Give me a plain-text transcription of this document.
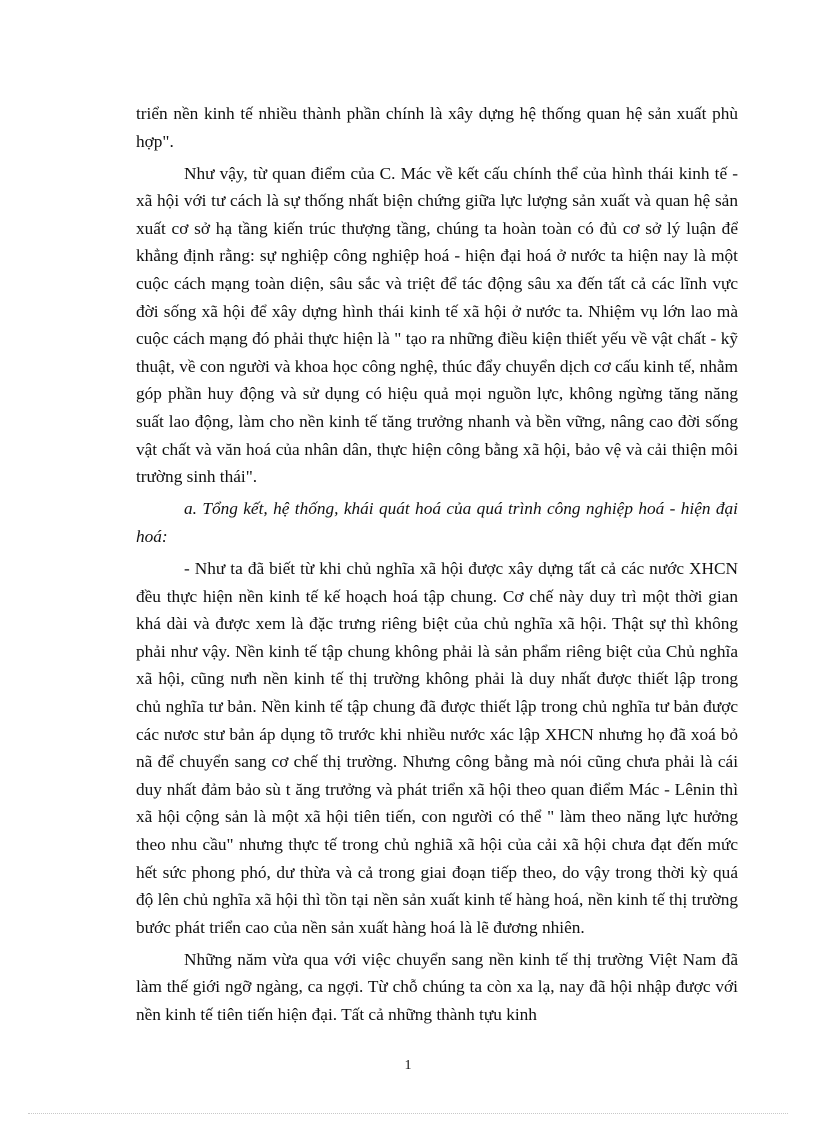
triển nền kinh tế nhiều thành phần chính là xây dựng hệ thống quan hệ sản xuất phù hợp".

Như vậy, từ quan điểm của C. Mác về kết cấu chính thể của hình thái kinh tế - xã hội với tư cách là sự thống nhất biện chứng giữa lực lượng sản xuất và quan hệ sản xuất cơ sở hạ tầng kiến trúc thượng tầng, chúng ta hoàn toàn có đủ cơ sở lý luận để khẳng định rằng: sự nghiệp công nghiệp hoá - hiện đại hoá ở nước ta hiện nay là một cuộc cách mạng toàn diện, sâu sắc và triệt để tác động sâu xa đến tất cả các lĩnh vực đời sống xã hội để xây dựng hình thái kinh tế xã hội ở nước ta. Nhiệm vụ lớn lao mà cuộc cách mạng đó phải thực hiện là " tạo ra những điều kiện thiết yếu về vật chất - kỹ thuật, về con người và khoa học công nghệ, thúc đẩy chuyển dịch cơ cấu kinh tế, nhằm góp phần huy động và sử dụng có hiệu quả mọi nguồn lực, không ngừng tăng năng suất lao động, làm cho nền kinh tế tăng trưởng nhanh và bền vững, nâng cao đời sống vật chất và văn hoá của nhân dân, thực hiện công bằng xã hội, bảo vệ và cải thiện môi trường sinh thái".

a. Tổng kết, hệ thống, khái quát hoá của quá trình công nghiệp hoá - hiện đại hoá:

- Như ta đã biết từ khi chủ nghĩa xã hội được xây dựng tất cả các nước XHCN đều thực hiện nền kinh tế kế hoạch hoá tập chung. Cơ chế này duy trì một thời gian khá dài và được xem là đặc trưng riêng biệt của chủ nghĩa xã hội. Thật sự thì không phải như vậy. Nền kinh tế tập chung không phải là sản phẩm riêng biệt của Chủ nghĩa xã hội, cũng nưh nền kinh tế thị trường không phải là duy nhất được thiết lập trong chủ nghĩa tư bản. Nền kinh tế tập chung đã được thiết lập trong chủ nghĩa tư bản được các nươc stư bản áp dụng tõ trước khi nhiều nước xác lập XHCN nhưng họ đã xoá bỏ nã để chuyển sang cơ chế thị trường. Nhưng công bằng mà nói cũng chưa phải là cái duy nhất đảm bảo sù t ăng trưởng và phát triển xã hội theo quan điểm Mác - Lênin thì xã hội cộng sản là một xã hội tiên tiến, con người có thể " làm theo năng lực hưởng theo nhu cầu" nhưng thực tế trong chủ nghiã xã hội của cải xã hội chưa đạt đến mức hết sức phong phó, dư thừa và cả trong giai đoạn tiếp theo, do vậy trong thời kỳ quá độ lên chủ nghĩa xã hội thì tồn tại nền sản xuất kinh tế hàng hoá, nền kinh tế thị trường bước phát triển cao của nền sản xuất hàng hoá là lẽ đương nhiên.

Những năm vừa qua với việc chuyển sang nền kinh tế thị trường Việt Nam đã làm thế giới ngỡ ngàng, ca ngợi. Từ chỗ chúng ta còn xa lạ, nay đã hội nhập được với nền kinh tế tiên tiến hiện đại. Tất cả những thành tựu kinh

1
